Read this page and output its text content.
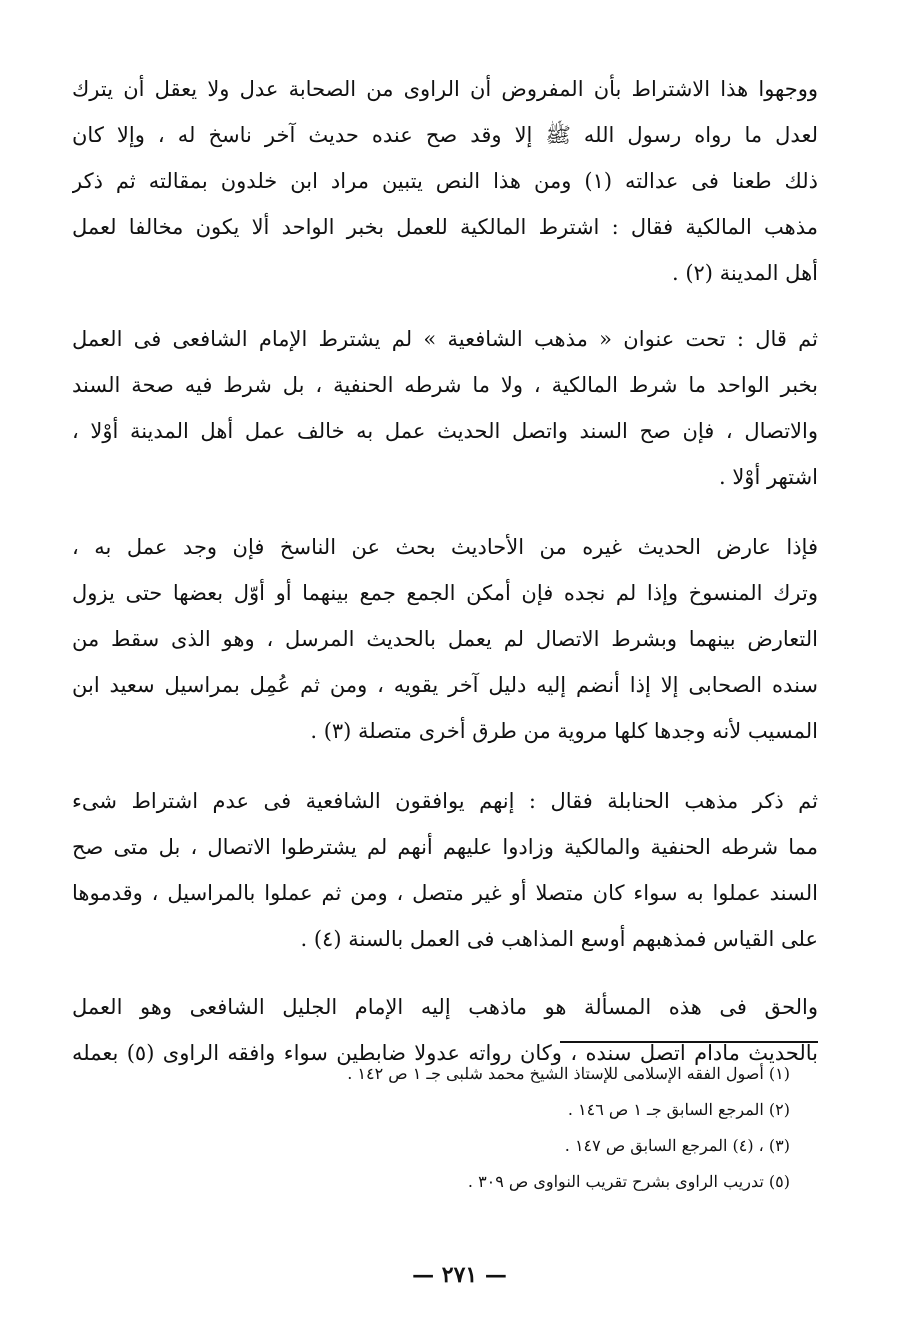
ووجهوا هذا الاشتراط بأن المفروض أن الراوى من الصحابة عدل ولا يعقل أن يترك
لعدل ما رواه رسول الله ﷺ إلا وقد صح عنده حديث آخر ناسخ له ، وإلا كان
ذلك طعنا فى عدالته (١) ومن هذا النص يتبين مراد ابن خلدون بمقالته ثم ذكر
مذهب المالكية فقال : اشترط المالكية للعمل بخبر الواحد ألا يكون مخالفا لعمل
أهل المدينة (٢) .
ثم قال : تحت عنوان « مذهب الشافعية » لم يشترط الإمام الشافعى فى العمل
بخبر الواحد ما شرط المالكية ، ولا ما شرطه الحنفية ، بل شرط فيه صحة السند
والاتصال ، فإن صح السند واتصل الحديث عمل به خالف عمل أهل المدينة أوْلا ،
اشتهر أوْلا .
فإذا عارض الحديث غيره من الأحاديث بحث عن الناسخ فإن وجد عمل به ،
وترك المنسوخ وإذا لم نجده فإن أمكن الجمع جمع بينهما أو أوّل بعضها حتى يزول
التعارض بينهما وبشرط الاتصال لم يعمل بالحديث المرسل ، وهو الذى سقط من
سنده الصحابى إلا إذا أنضم إليه دليل آخر يقويه ، ومن ثم عُمِل بمراسيل سعيد ابن
المسيب لأنه وجدها كلها مروية من طرق أخرى متصلة (٣) .
ثم ذكر مذهب الحنابلة فقال : إنهم يوافقون الشافعية فى عدم اشتراط شىء
مما شرطه الحنفية والمالكية وزادوا عليهم أنهم لم يشترطوا الاتصال ، بل متى صح
السند عملوا به سواء كان متصلا أو غير متصل ، ومن ثم عملوا بالمراسيل ، وقدموها
على القياس فمذهبهم أوسع المذاهب فى العمل بالسنة (٤) .
والحق فى هذه المسألة هو ماذهب إليه الإمام الجليل الشافعى وهو العمل
بالحديث مادام اتصل سنده ، وكان رواته عدولا ضابطين سواء وافقه الراوى (٥) بعمله
(١) أصول الفقه الإسلامى للإستاذ الشيخ محمد شلبى جـ ١ ص ١٤٢ .
(٢) المرجع السابق جـ ١ ص ١٤٦ .
(٣) ، (٤) المرجع السابق ص ١٤٧ .
(٥) تدريب الراوى بشرح تقريب النواوى ص ٣٠٩ .
— ٢٧١ —
